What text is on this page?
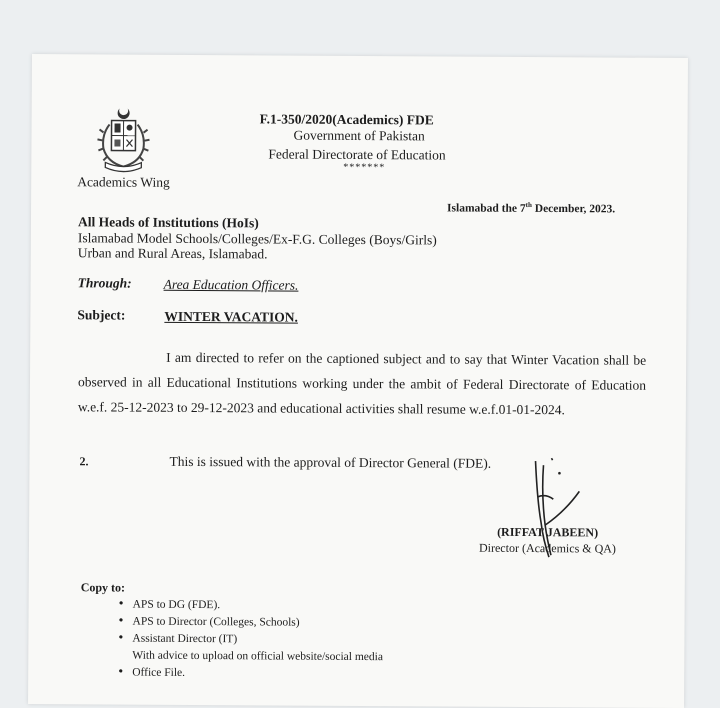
F.1-350/2020(Academics) FDE
Government of Pakistan
Federal Directorate of Education
*******
Academics Wing
Islamabad the 7th December, 2023.
All Heads of Institutions (HoIs)
Islamabad Model Schools/Colleges/Ex-F.G. Colleges (Boys/Girls)
Urban and Rural Areas, Islamabad.
Through: Area Education Officers.
Subject:	WINTER VACATION.
I am directed to refer on the captioned subject and to say that Winter Vacation shall be observed in all Educational Institutions working under the ambit of Federal Directorate of Education w.e.f. 25-12-2023 to 29-12-2023 and educational activities shall resume w.e.f.01-01-2024.
2.	This is issued with the approval of Director General (FDE).
(RIFFAT JABEEN)
Director (Academics & QA)
Copy to:
• APS to DG (FDE).
• APS to Director (Colleges, Schools)
• Assistant Director (IT)
With advice to upload on official website/social media
• Office File.
